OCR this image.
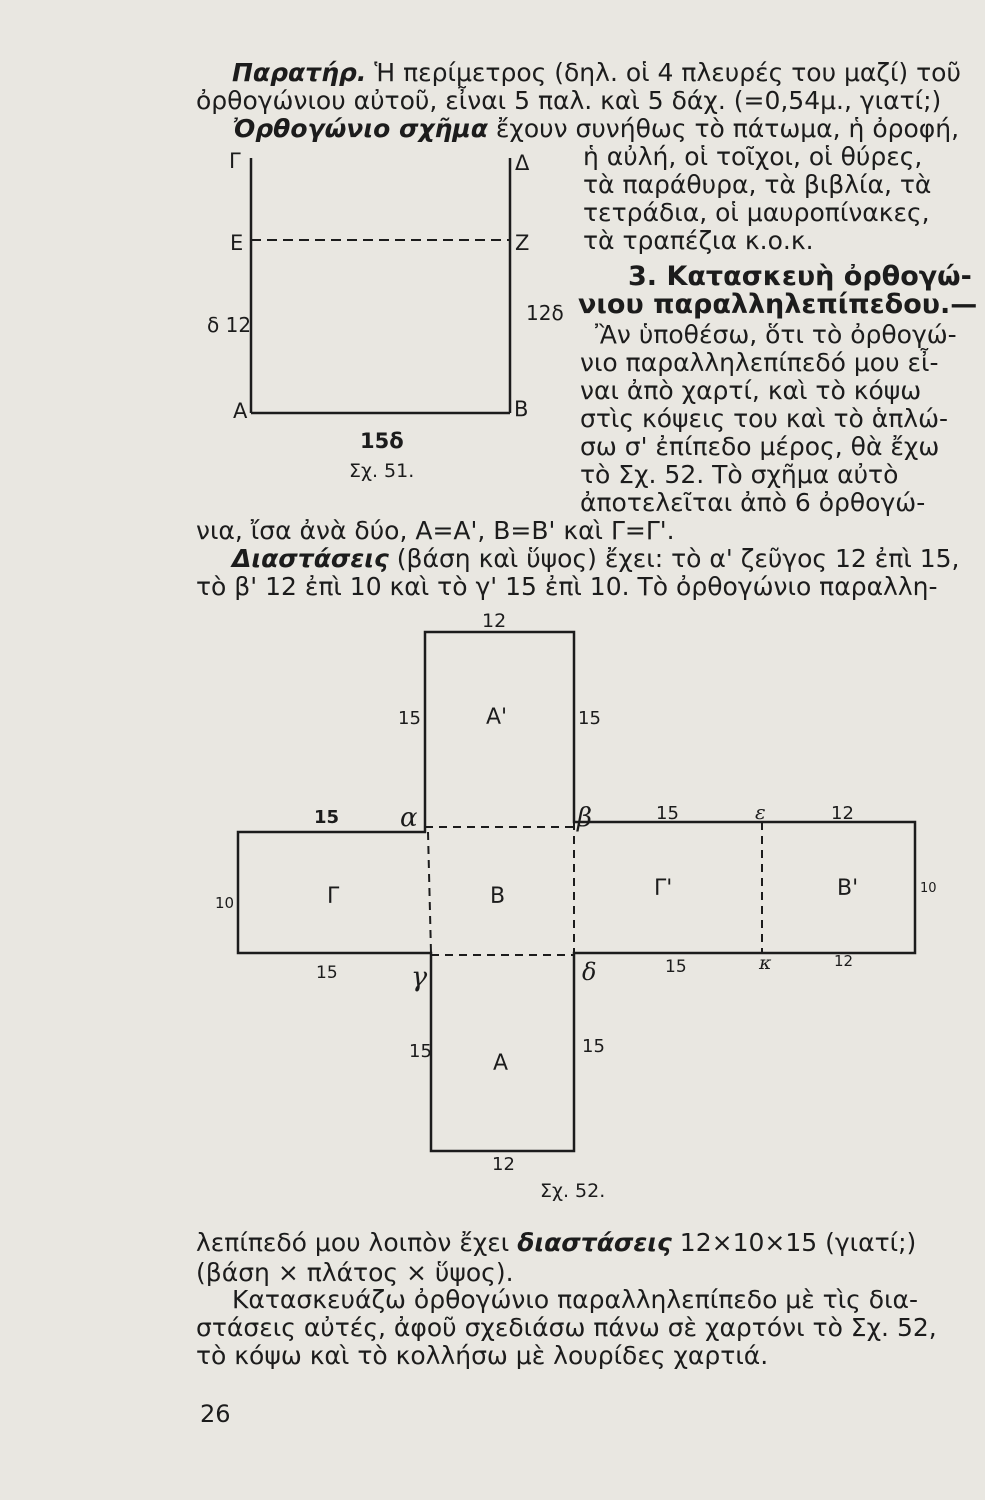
Παρατήρ. Ἡ περίμετρος (δηλ. οἱ 4 πλευρές του μαζί) τοῦ
ὀρθογώνιου αὐτοῦ, εἶναι 5 παλ. καὶ 5 δάχ. (=0,54μ., γιατί;)
Ὀρθογώνιο σχῆμα ἔχουν συνήθως τὸ πάτωμα, ἡ ὀροφή,
ἡ αὐλή, οἱ τοῖχοι, οἱ θύρες,
τὰ παράθυρα, τὰ βιβλία, τὰ
τετράδια, οἱ μαυροπίνακες,
τὰ τραπέζια κ.ο.κ.
3. Κατασκευὴ ὀρθογώ-
νιου παραλληλεπίπεδου.—
Ἂν ὑποθέσω, ὅτι τὸ ὀρθογώ-
νιο παραλληλεπίπεδό μου εἶ-
ναι ἀπὸ χαρτί, καὶ τὸ κόψω
στὶς κόψεις του καὶ τὸ ἁπλώ-
σω σ' ἐπίπεδο μέρος, θὰ ἔχω
τὸ Σχ. 52. Τὸ σχῆμα αὐτὸ
ἀποτελεῖται ἀπὸ 6 ὀρθογώ-
νια, ἴσα ἀνὰ δύο, Α=Α', Β=Β' καὶ Γ=Γ'.
Διαστάσεις (βάση καὶ ὕψος) ἔχει: τὸ α' ζεῦγος 12 ἐπὶ 15,
τὸ β' 12 ἐπὶ 10 καὶ τὸ γ' 15 ἐπὶ 10. Τὸ ὀρθογώνιο παραλλη-
Γ	Δ
Ε	Ζ
Α	Β
δ 12	12δ
15δ
Σχ. 51.
12
15	15
Α'
15 α	β	15	ε	12
10	Γ	Β	Γ'	Β'	10
15	γ	δ	15	κ	12
15	15
Α
12
Σχ. 52.
λεπίπεδό μου λοιπὸν ἔχει διαστάσεις 12×10×15 (γιατί;)
(βάση × πλάτος × ὕψος).
Κατασκευάζω ὀρθογώνιο παραλληλεπίπεδο μὲ τὶς δια-
στάσεις αὐτές, ἀφοῦ σχεδιάσω πάνω σὲ χαρτόνι τὸ Σχ. 52,
τὸ κόψω καὶ τὸ κολλήσω μὲ λουρίδες χαρτιά.
26
